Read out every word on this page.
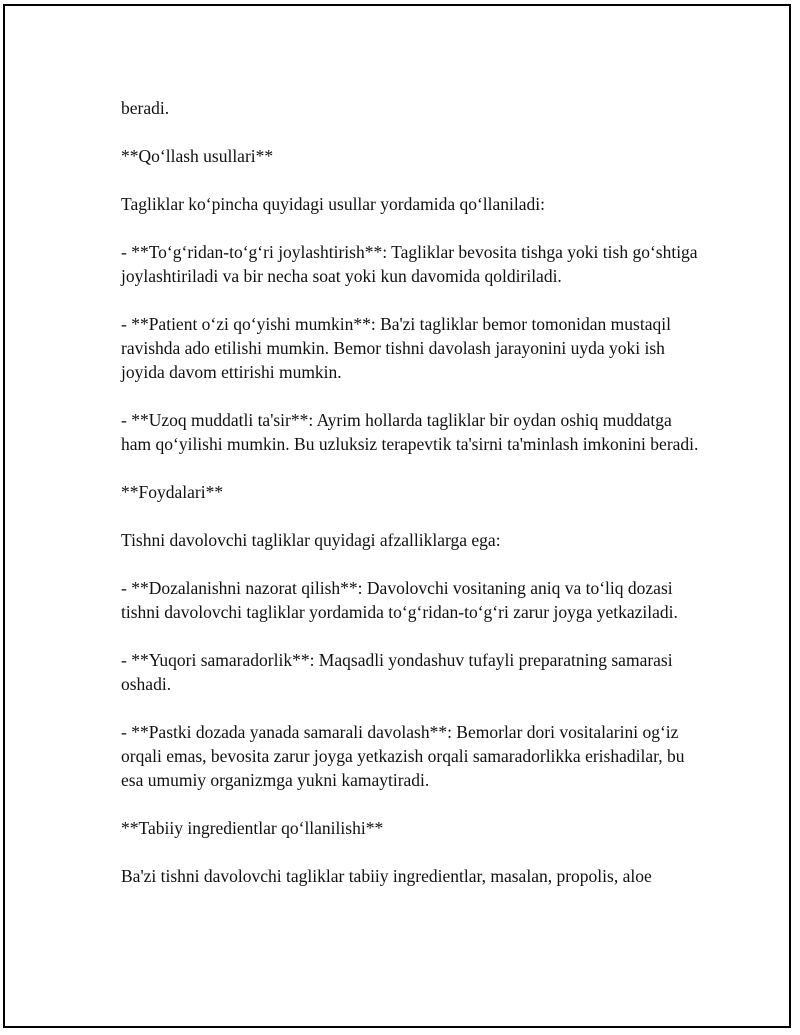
beradi.

**Qo‘llash usullari**

Tagliklar ko‘pincha quyidagi usullar yordamida qo‘llaniladi:

- **To‘g‘ridan-to‘g‘ri joylashtirish**: Tagliklar bevosita tishga yoki tish go‘shtiga joylashtiriladi va bir necha soat yoki kun davomida qoldiriladi.

- **Patient o‘zi qo‘yishi mumkin**: Ba'zi tagliklar bemor tomonidan mustaqil ravishda ado etilishi mumkin. Bemor tishni davolash jarayonini uyda yoki ish joyida davom ettirishi mumkin.

- **Uzoq muddatli ta'sir**: Ayrim hollarda tagliklar bir oydan oshiq muddatga ham qo‘yilishi mumkin. Bu uzluksiz terapevtik ta'sirni ta'minlash imkonini beradi.

**Foydalari**

Tishni davolovchi tagliklar quyidagi afzalliklarga ega:

- **Dozalanishni nazorat qilish**: Davolovchi vositaning aniq va to‘liq dozasi tishni davolovchi tagliklar yordamida to‘g‘ridan-to‘g‘ri zarur joyga yetkaziladi.

- **Yuqori samaradorlik**: Maqsadli yondashuv tufayli preparatning samarasi oshadi.

- **Pastki dozada yanada samarali davolash**: Bemorlar dori vositalarini og‘iz orqali emas, bevosita zarur joyga yetkazish orqali samaradorlikka erishadilar, bu esa umumiy organizmga yukni kamaytiradi.

**Tabiiy ingredientlar qo‘llanilishi**

Ba'zi tishni davolovchi tagliklar tabiiy ingredientlar, masalan, propolis, aloe
